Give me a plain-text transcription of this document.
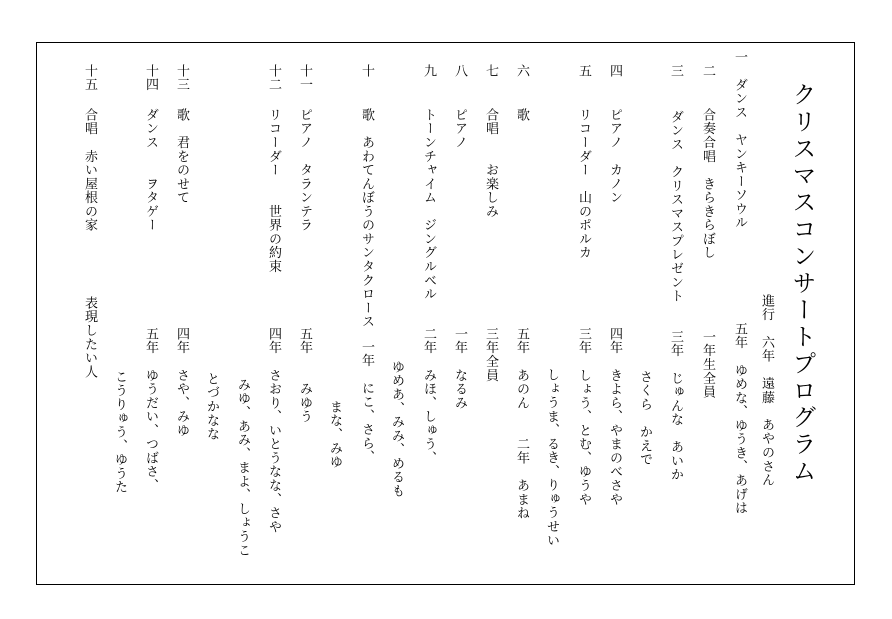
クリスマスコンサートプログラム
進行　六年　遠藤　あやのさん
一
ダンス　ヤンキーソウル
五年　ゆめな、ゆうき、あげは
二
合奏合唱　きらきらぼし
一年生全員
三
ダンス　クリスマスプレゼント
三年　じゅんな　あいか
さくら　かえで
四
ピアノ　カノン
四年　きよら、やまのべさや
五
リコーダー　山のポルカ
三年　しょう、とむ、ゆうや
しょうま、るき、りゅうせい
六
歌
五年　あのん　　二年　あまね
七
合唱　　お楽しみ
三年全員
八
ピアノ
一年　なるみ
九
トーンチャイム　ジングルベル
二年　みほ、しゅう、
ゆめあ、みみ、めるも
十
歌　あわてんぼうのサンタクロース
一年　にこ、さら、
まな、みゆ
十一
ピアノ　タランテラ
五年　　みゆう
十二
リコーダー　　世界の約束
四年　さおり、いとうなな、さや
みゆ、あみ、まよ、しょうこ
とづかなな
十三
歌　君をのせて
四年　さや、みゆ
十四
ダンス　　ヲタゲー
五年　ゆうだい、つばさ、
こうりゅう、ゆうた
十五
合唱　赤い屋根の家
表現したい人
